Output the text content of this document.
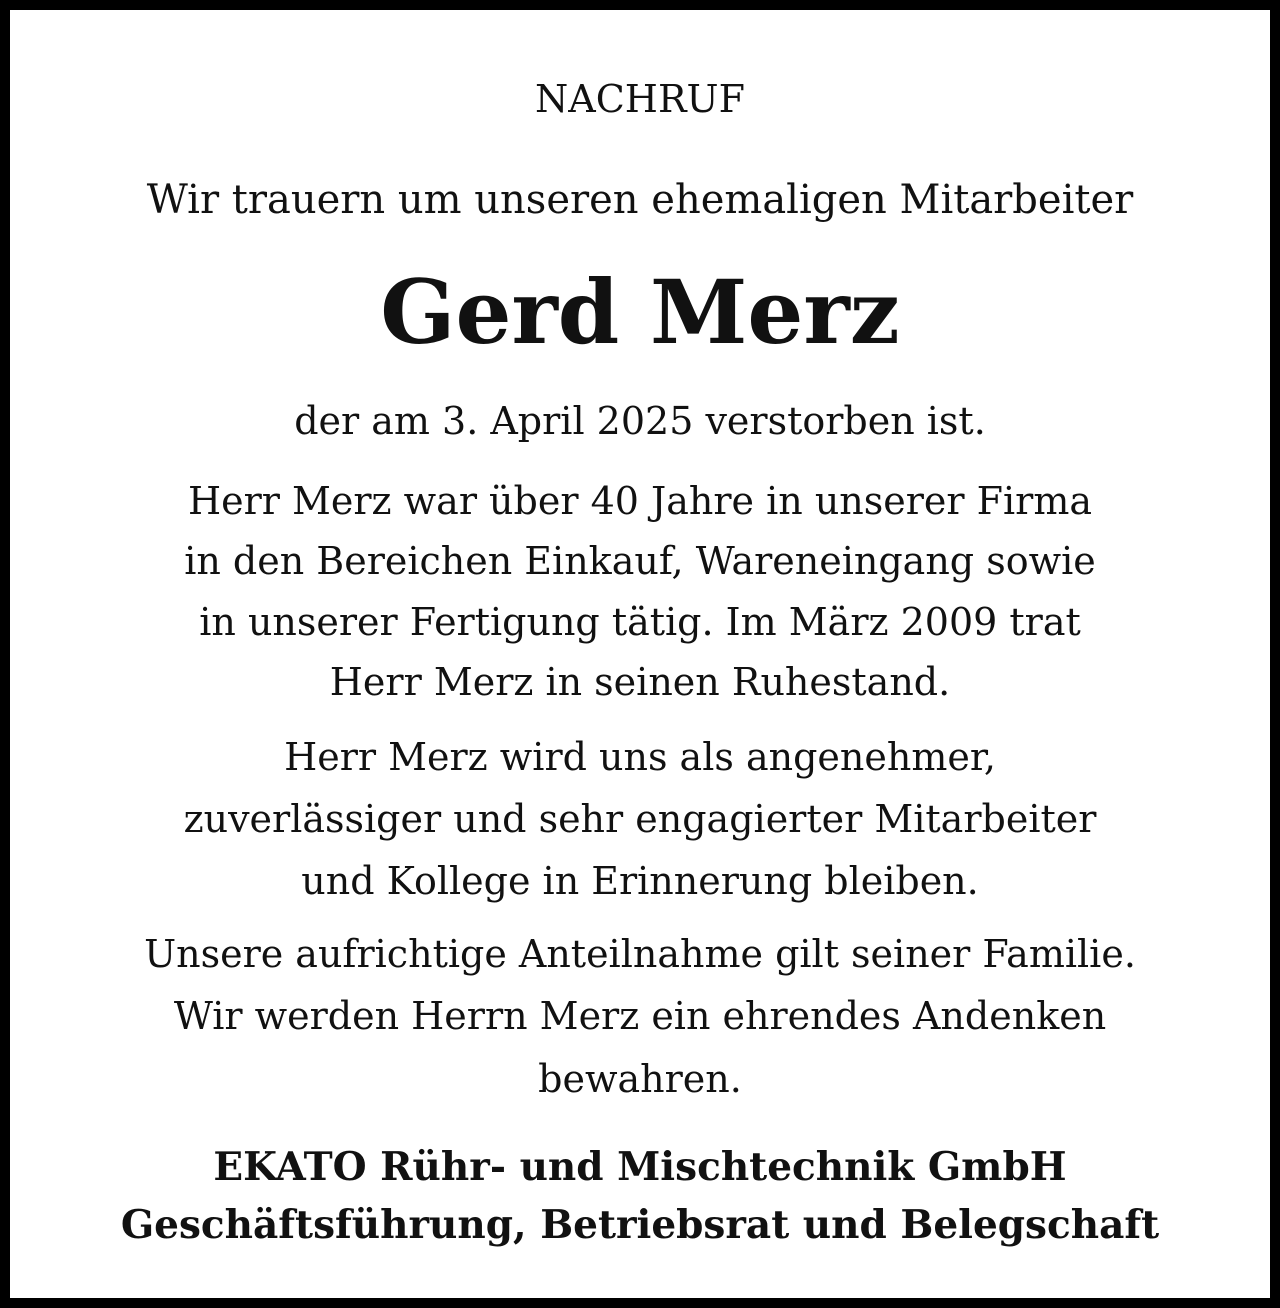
NACHRUF
Wir trauern um unseren ehemaligen Mitarbeiter
Gerd Merz
der am 3. April 2025 verstorben ist.
Herr Merz war über 40 Jahre in unserer Firma
in den Bereichen Einkauf, Wareneingang sowie
in unserer Fertigung tätig. Im März 2009 trat
Herr Merz in seinen Ruhestand.
Herr Merz wird uns als angenehmer,
zuverlässiger und sehr engagierter Mitarbeiter
und Kollege in Erinnerung bleiben.
Unsere aufrichtige Anteilnahme gilt seiner Familie.
Wir werden Herrn Merz ein ehrendes Andenken
bewahren.
EKATO Rühr- und Mischtechnik GmbH
Geschäftsführung, Betriebsrat und Belegschaft
